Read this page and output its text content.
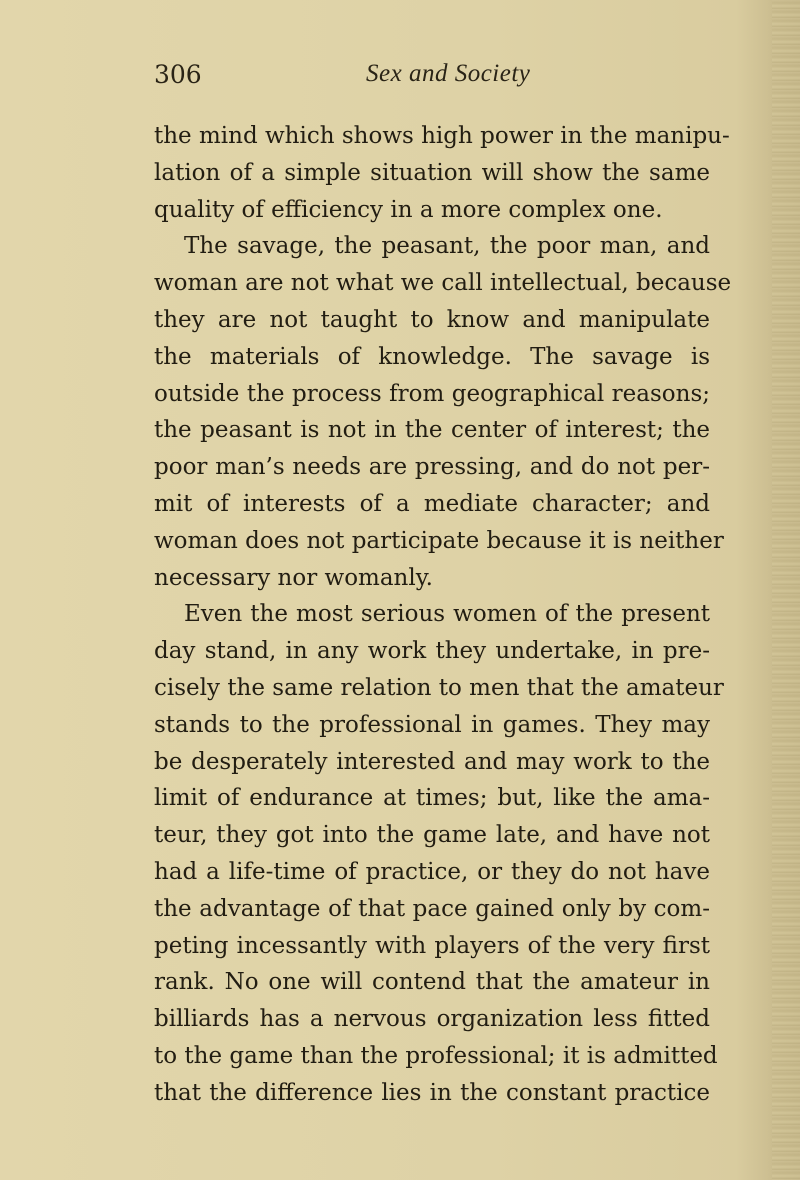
306	Sex and Society
the mind which shows high power in the manipu-
lation of a simple situation will show the same
quality of efficiency in a more complex one.
The savage, the peasant, the poor man, and
woman are not what we call intellectual, because
they are not taught to know and manipulate
the materials of knowledge. The savage is
outside the process from geographical reasons;
the peasant is not in the center of interest; the
poor man’s needs are pressing, and do not per-
mit of interests of a mediate character; and
woman does not participate because it is neither
necessary nor womanly.
Even the most serious women of the present
day stand, in any work they undertake, in pre-
cisely the same relation to men that the amateur
stands to the professional in games. They may
be desperately interested and may work to the
limit of endurance at times; but, like the ama-
teur, they got into the game late, and have not
had a life-time of practice, or they do not have
the advantage of that pace gained only by com-
peting incessantly with players of the very first
rank. No one will contend that the amateur in
billiards has a nervous organization less fitted
to the game than the professional; it is admitted
that the difference lies in the constant practice
